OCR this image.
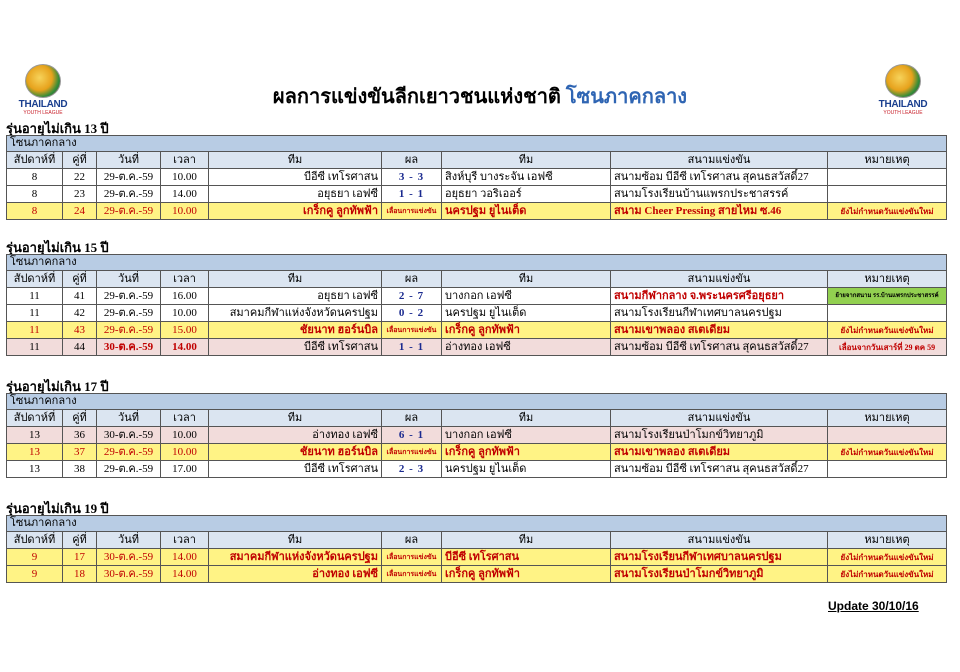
THAILAND
YOUTH LEAGUE
THAILAND
YOUTH LEAGUE
ผลการแข่งขันลีกเยาวชนแห่งชาติ โซนภาคกลาง
รุ่นอายุไม่เกิน 13 ปี
โซนภาคกลาง								
สัปดาห์ที่	คู่ที่	วันที่	เวลา	ทีม	ผล	ทีม	สนามแข่งขัน	หมายเหตุ
8	22	29-ต.ค.-59	10.00	บีอีซี เทโรศาสน	3 - 3	สิงห์บุรี บางระจัน เอฟซี	สนามซ้อม บีอีซี เทโรศาสน สุคนธสวัสดิ์27	
8	23	29-ต.ค.-59	14.00	อยุธยา เอฟซี	1 - 1	อยุธยา วอริเออร์	สนามโรงเรียนบ้านแพรกประชาสรรค์	
8	24	29-ต.ค.-59	10.00	เกร็กคู ลูกทัพฟ้า	เลื่อนการแข่งขัน	นครปฐม ยูไนเต็ด	สนาม Cheer Pressing สายไหม ซ.46	ยังไม่กำหนดวันแข่งขันใหม่
รุ่นอายุไม่เกิน 15 ปี
โซนภาคกลาง								
สัปดาห์ที่	คู่ที่	วันที่	เวลา	ทีม	ผล	ทีม	สนามแข่งขัน	หมายเหตุ
11	41	29-ต.ค.-59	16.00	อยุธยา เอฟซี	2 - 7	บางกอก เอฟซี	สนามกีฬากลาง จ.พระนครศรีอยุธยา	ย้ายจากสนาม รร.บ้านแพรกประชาสรรค์
11	42	29-ต.ค.-59	10.00	สมาคมกีฬาแห่งจังหวัดนครปฐม	0 - 2	นครปฐม ยูไนเต็ด	สนามโรงเรียนกีฬาเทศบาลนครปฐม	
11	43	29-ต.ค.-59	15.00	ชัยนาท ฮอร์นบิล	เลื่อนการแข่งขัน	เกร็กคู ลูกทัพฟ้า	สนามเขาพลอง สเตเดียม	ยังไม่กำหนดวันแข่งขันใหม่
11	44	30-ต.ค.-59	14.00	บีอีซี เทโรศาสน	1 - 1	อ่างทอง เอฟซี	สนามซ้อม บีอีซี เทโรศาสน สุคนธสวัสดิ์27	เลื่อนจากวันเสาร์ที่ 29 ตค 59
รุ่นอายุไม่เกิน 17 ปี
โซนภาคกลาง								
สัปดาห์ที่	คู่ที่	วันที่	เวลา	ทีม	ผล	ทีม	สนามแข่งขัน	หมายเหตุ
13	36	30-ต.ค.-59	10.00	อ่างทอง เอฟซี	6 - 1	บางกอก เอฟซี	สนามโรงเรียนป่าโมกข์วิทยาภูมิ	
13	37	29-ต.ค.-59	10.00	ชัยนาท ฮอร์นบิล	เลื่อนการแข่งขัน	เกร็กคู ลูกทัพฟ้า	สนามเขาพลอง สเตเดียม	ยังไม่กำหนดวันแข่งขันใหม่
13	38	29-ต.ค.-59	17.00	บีอีซี เทโรศาสน	2 - 3	นครปฐม ยูไนเต็ด	สนามซ้อม บีอีซี เทโรศาสน สุคนธสวัสดิ์27	
รุ่นอายุไม่เกิน 19 ปี
โซนภาคกลาง								
สัปดาห์ที่	คู่ที่	วันที่	เวลา	ทีม	ผล	ทีม	สนามแข่งขัน	หมายเหตุ
9	17	30-ต.ค.-59	14.00	สมาคมกีฬาแห่งจังหวัดนครปฐม	เลื่อนการแข่งขัน	บีอีซี เทโรศาสน	สนามโรงเรียนกีฬาเทศบาลนครปฐม	ยังไม่กำหนดวันแข่งขันใหม่
9	18	30-ต.ค.-59	14.00	อ่างทอง เอฟซี	เลื่อนการแข่งขัน	เกร็กคู ลูกทัพฟ้า	สนามโรงเรียนป่าโมกข์วิทยาภูมิ	ยังไม่กำหนดวันแข่งขันใหม่
Update 30/10/16
